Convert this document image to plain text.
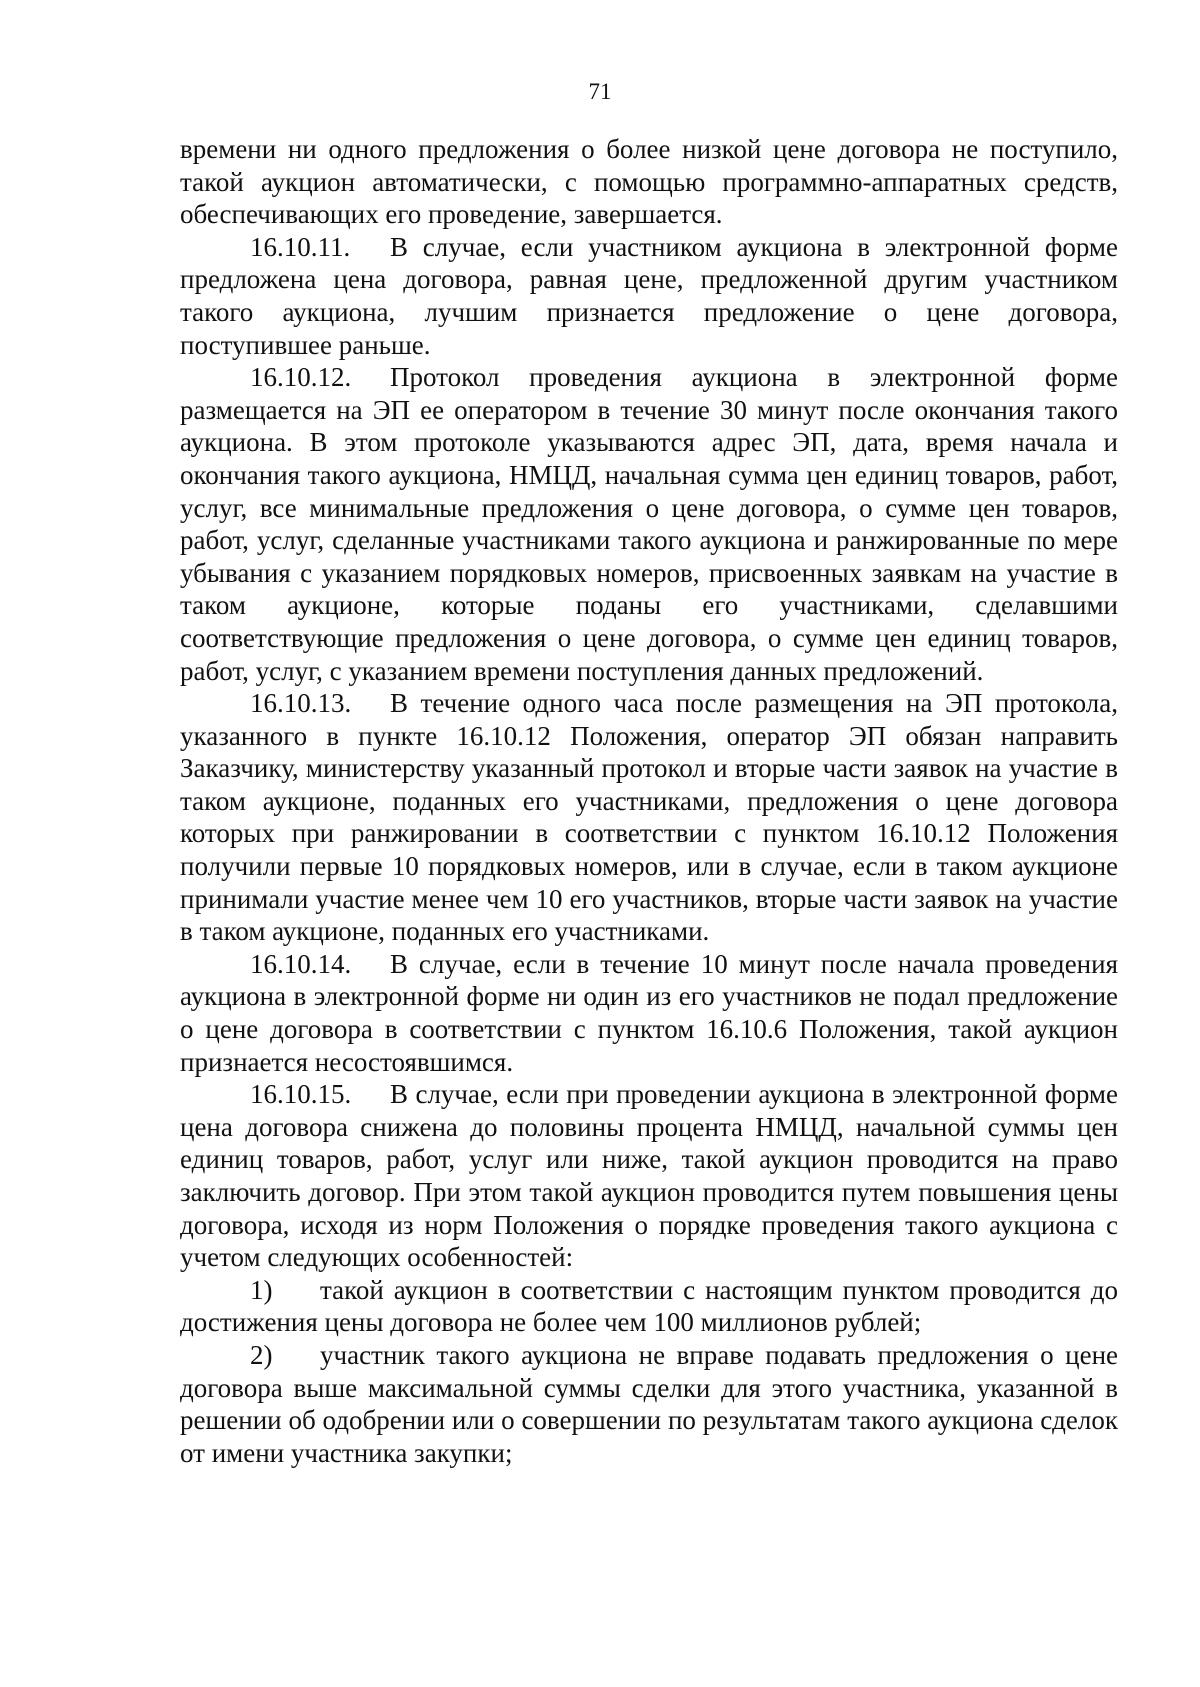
71

времени ни одного предложения о более низкой цене договора не поступило, такой аукцион автоматически, с помощью программно-аппаратных средств, обеспечивающих его проведение, завершается.

16.10.11. В случае, если участником аукциона в электронной форме предложена цена договора, равная цене, предложенной другим участником такого аукциона, лучшим признается предложение о цене договора, поступившее раньше.

16.10.12. Протокол проведения аукциона в электронной форме размещается на ЭП ее оператором в течение 30 минут после окончания такого аукциона. В этом протоколе указываются адрес ЭП, дата, время начала и окончания такого аукциона, НМЦД, начальная сумма цен единиц товаров, работ, услуг, все минимальные предложения о цене договора, о сумме цен товаров, работ, услуг, сделанные участниками такого аукциона и ранжированные по мере убывания с указанием порядковых номеров, присвоенных заявкам на участие в таком аукционе, которые поданы его участниками, сделавшими соответствующие предложения о цене договора, о сумме цен единиц товаров, работ, услуг, с указанием времени поступления данных предложений.

16.10.13. В течение одного часа после размещения на ЭП протокола, указанного в пункте 16.10.12 Положения, оператор ЭП обязан направить Заказчику, министерству указанный протокол и вторые части заявок на участие в таком аукционе, поданных его участниками, предложения о цене договора которых при ранжировании в соответствии с пунктом 16.10.12 Положения получили первые 10 порядковых номеров, или в случае, если в таком аукционе принимали участие менее чем 10 его участников, вторые части заявок на участие в таком аукционе, поданных его участниками.

16.10.14. В случае, если в течение 10 минут после начала проведения аукциона в электронной форме ни один из его участников не подал предложение о цене договора в соответствии с пунктом 16.10.6 Положения, такой аукцион признается несостоявшимся.

16.10.15. В случае, если при проведении аукциона в электронной форме цена договора снижена до половины процента НМЦД, начальной суммы цен единиц товаров, работ, услуг или ниже, такой аукцион проводится на право заключить договор. При этом такой аукцион проводится путем повышения цены договора, исходя из норм Положения о порядке проведения такого аукциона с учетом следующих особенностей:

1) такой аукцион в соответствии с настоящим пунктом проводится до достижения цены договора не более чем 100 миллионов рублей;

2) участник такого аукциона не вправе подавать предложения о цене договора выше максимальной суммы сделки для этого участника, указанной в решении об одобрении или о совершении по результатам такого аукциона сделок от имени участника закупки;
